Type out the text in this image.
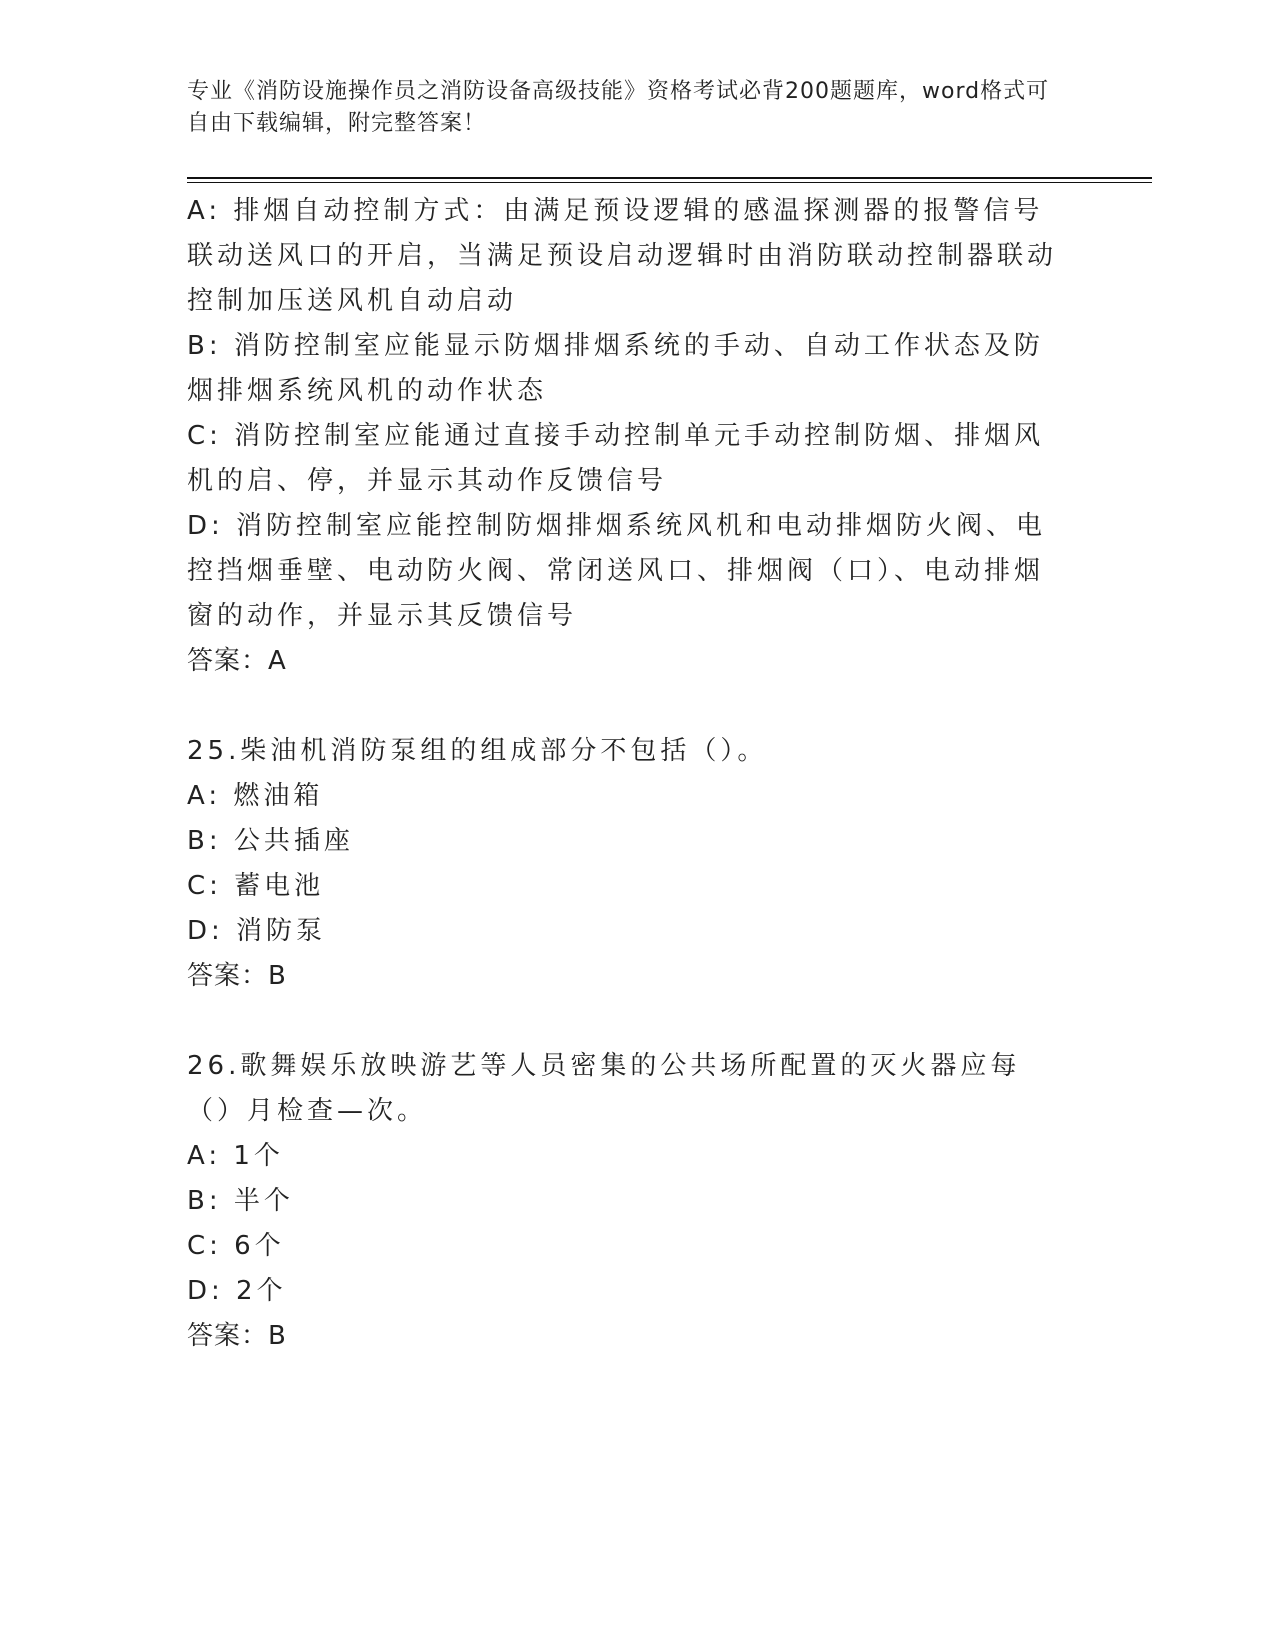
专业《消防设施操作员之消防设备高级技能》资格考试必背200题题库，word格式可自由下载编辑，附完整答案！

A: 排烟自动控制方式：由满足预设逻辑的感温探测器的报警信号联动送风口的开启，当满足预设启动逻辑时由消防联动控制器联动控制加压送风机自动启动

B: 消防控制室应能显示防烟排烟系统的手动、自动工作状态及防烟排烟系统风机的动作状态

C: 消防控制室应能通过直接手动控制单元手动控制防烟、排烟风机的启、停，并显示其动作反馈信号

D: 消防控制室应能控制防烟排烟系统风机和电动排烟防火阀、电控挡烟垂壁、电动防火阀、常闭送风口、排烟阀（口）、电动排烟窗的动作，并显示其反馈信号

答案：A

25.柴油机消防泵组的组成部分不包括（）。

A: 燃油箱

B: 公共插座

C: 蓄电池

D: 消防泵

答案：B

26.歌舞娱乐放映游艺等人员密集的公共场所配置的灭火器应每（）月检查—次。

A: 1个

B: 半个

C: 6个

D: 2个

答案：B
